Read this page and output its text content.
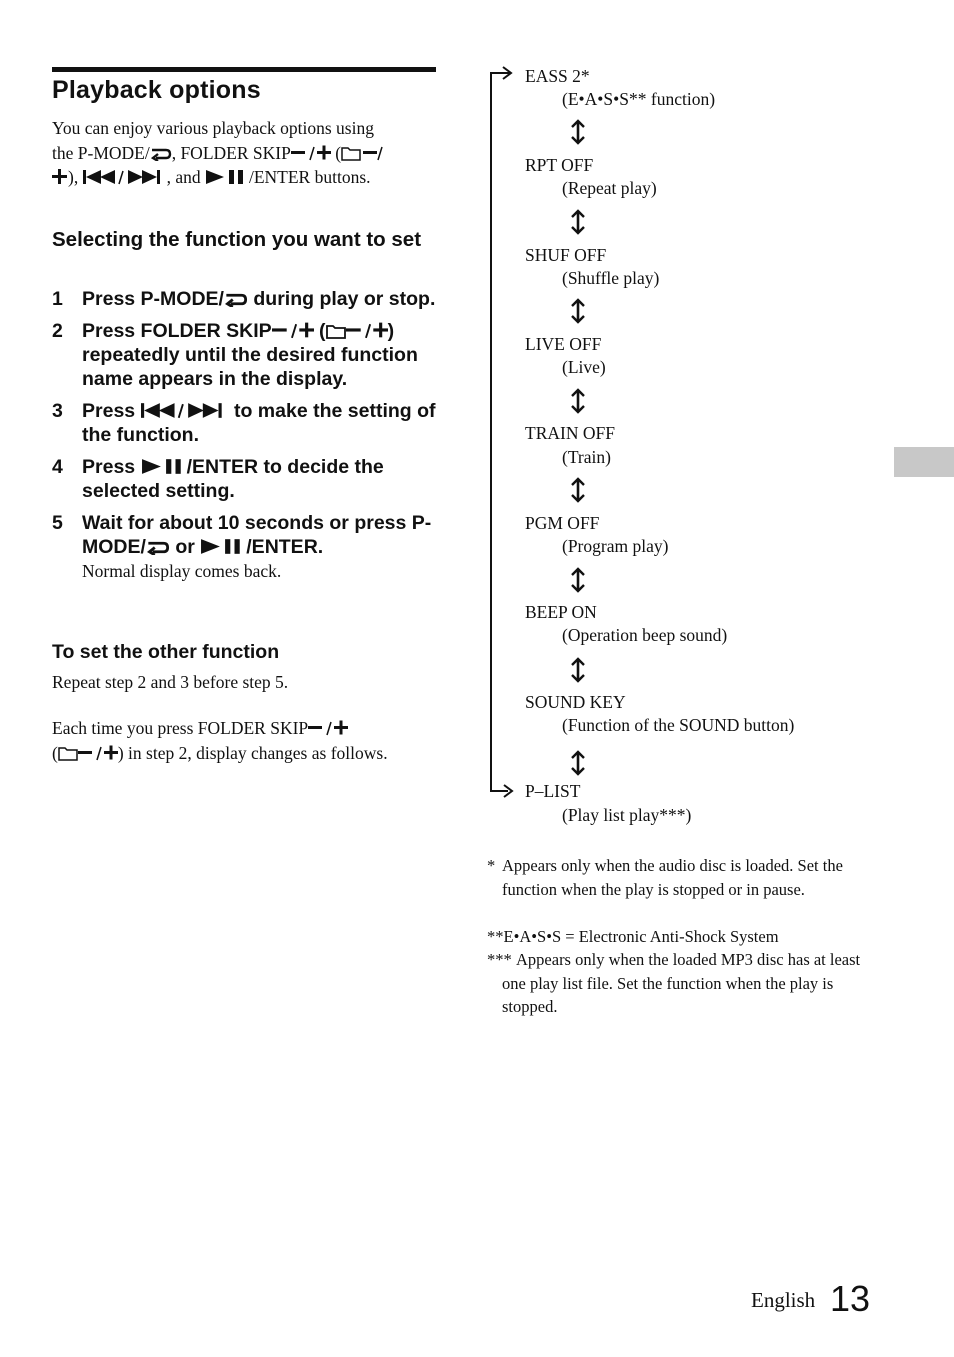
Playback options
You can enjoy various playback options using
the P-MODE/ , FOLDER SKIP (
),	, and	/ENTER buttons.
Selecting the function you want to set
1 Press P-MODE/ during play or stop.
2 Press FOLDER SKIP (	) repeatedly until the desired function name appears in the display.
3 Press	to make the setting of the function.
4 Press /ENTER to decide the selected setting.
5 Wait for about 10 seconds or press P-MODE/ or /ENTER.
Normal display comes back.
To set the other function
Repeat step 2 and 3 before step 5.
Each time you press FOLDER SKIP
(	) in step 2, display changes as follows.
EASS 2*
(E•A•S•S** function)
RPT OFF
(Repeat play)
SHUF OFF
(Shuffle play)
LIVE OFF
(Live)
TRAIN OFF
(Train)
PGM OFF
(Program play)
BEEP ON
(Operation beep sound)
SOUND KEY
(Function of the SOUND button)
P–LIST
(Play list play***)
* Appears only when the audio disc is loaded. Set the function when the play is stopped or in pause.
**E•A•S•S = Electronic Anti-Shock System
*** Appears only when the loaded MP3 disc has at least one play list file. Set the function when the play is stopped.
English 13
